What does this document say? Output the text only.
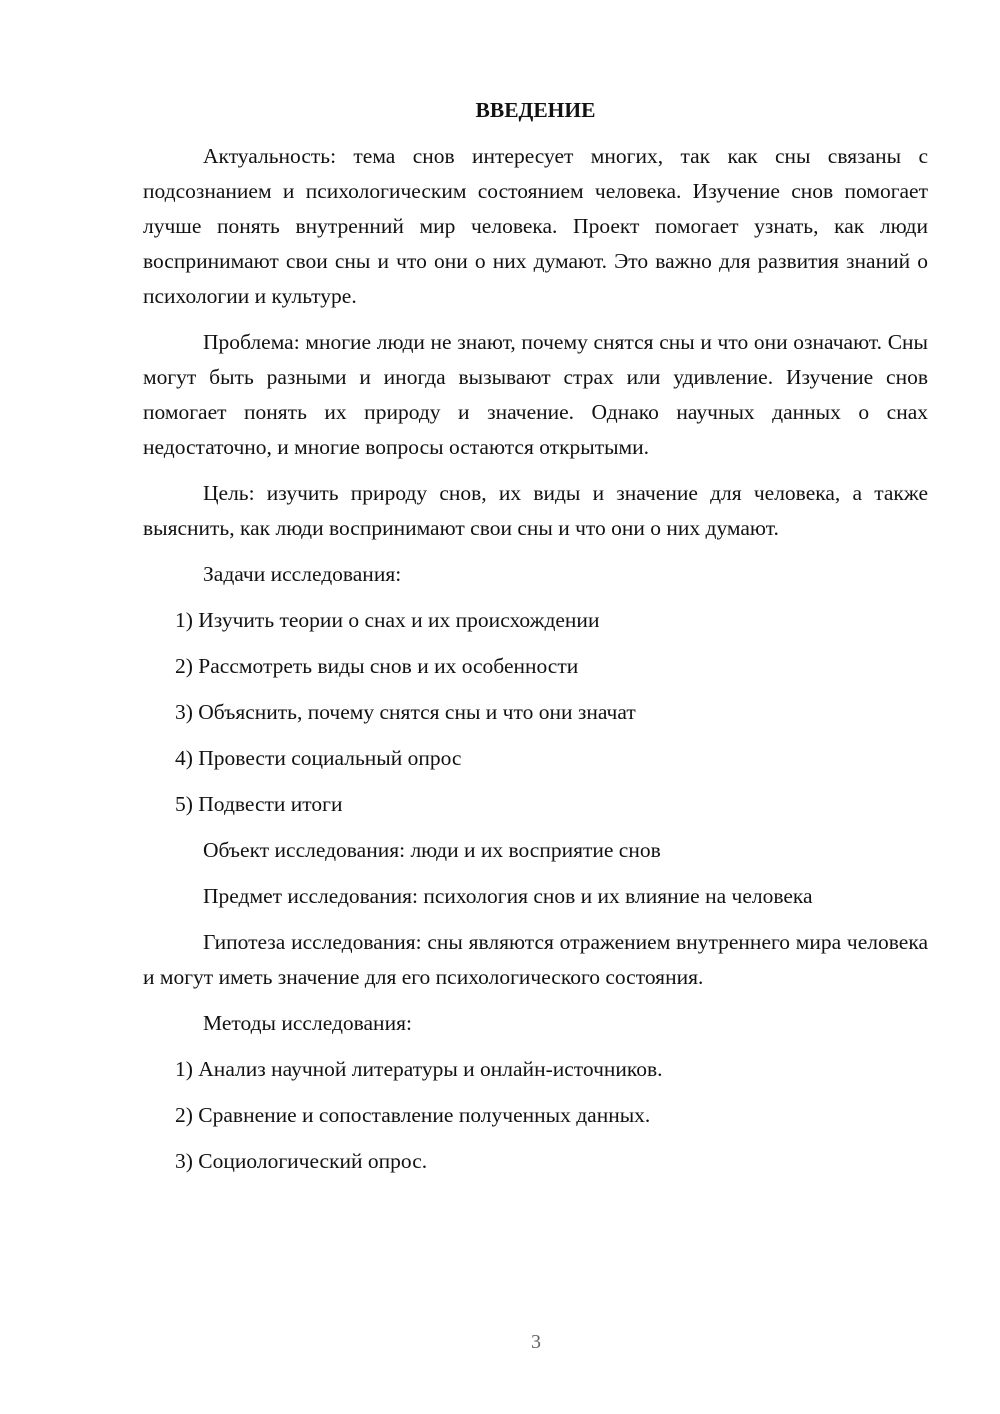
ВВЕДЕНИЕ

Актуальность: тема снов интересует многих, так как сны связаны с подсознанием и психологическим состоянием человека. Изучение снов помогает лучше понять внутренний мир человека. Проект помогает узнать, как люди воспринимают свои сны и что они о них думают. Это важно для развития знаний о психологии и культуре.

Проблема: многие люди не знают, почему снятся сны и что они означают. Сны могут быть разными и иногда вызывают страх или удивление. Изучение снов помогает понять их природу и значение. Однако научных данных о снах недостаточно, и многие вопросы остаются открытыми.

Цель: изучить природу снов, их виды и значение для человека, а также выяснить, как люди воспринимают свои сны и что они о них думают.

Задачи исследования:

1) Изучить теории о снах и их происхождении

2) Рассмотреть виды снов и их особенности

3) Объяснить, почему снятся сны и что они значат

4) Провести социальный опрос

5) Подвести итоги

Объект исследования: люди и их восприятие снов

Предмет исследования: психология снов и их влияние на человека

Гипотеза исследования: сны являются отражением внутреннего мира человека и могут иметь значение для его психологического состояния.

Методы исследования:

1) Анализ научной литературы и онлайн-источников.

2) Сравнение и сопоставление полученных данных.

3) Социологический опрос.

3
